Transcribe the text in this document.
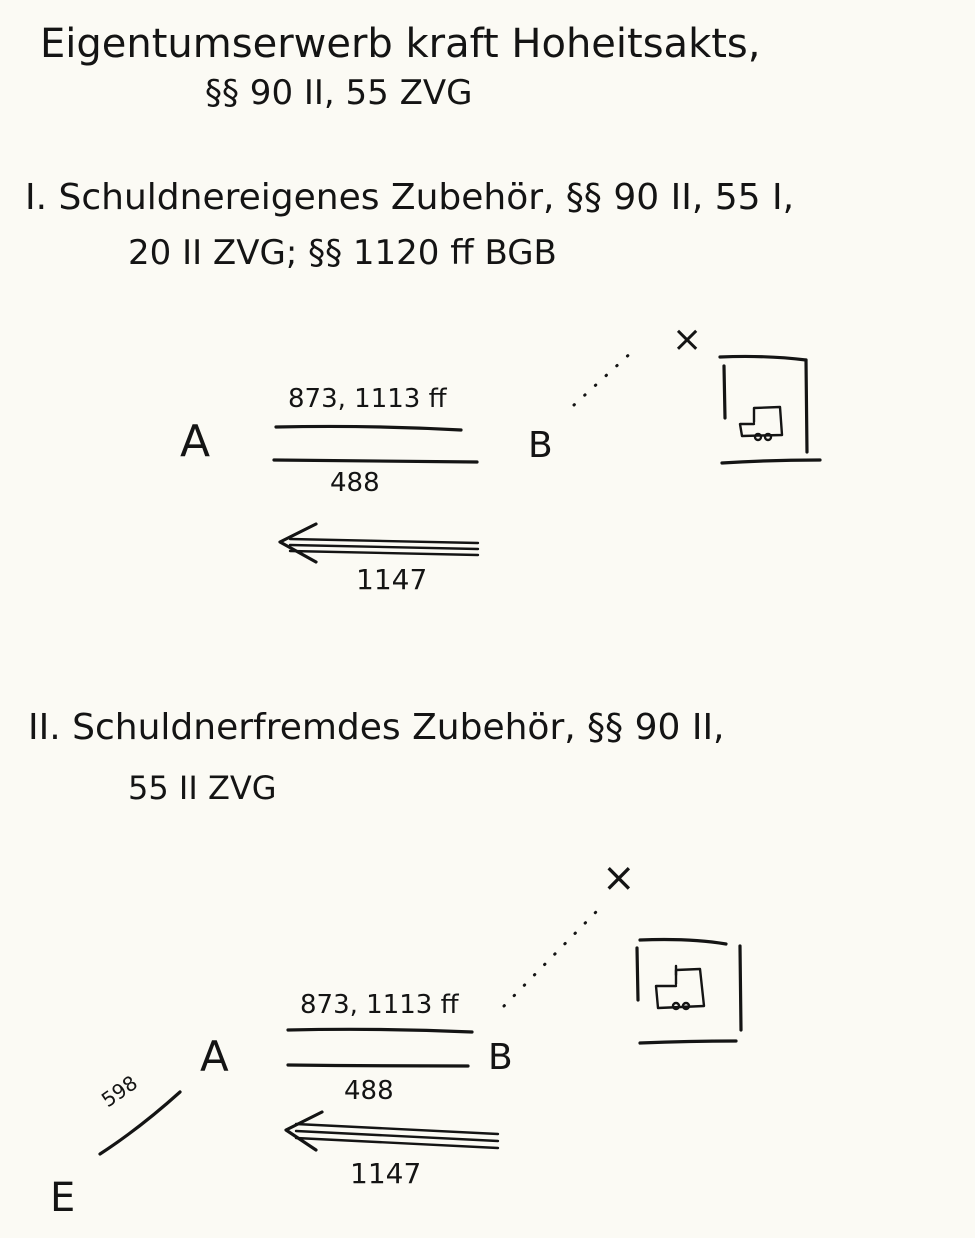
Eigentumserwerb kraft Hoheitsakts,
§§ 90 II, 55 ZVG
I. Schuldnereigenes Zubehör, §§ 90 II, 55 I,
20 II ZVG; §§ 1120 ff BGB
A	B
×
873, 1113 ff
488
1147
II. Schuldnerfremdes Zubehör, §§ 90 II,
55 II ZVG
A	B
E
×
873, 1113 ff
488
1147
598
